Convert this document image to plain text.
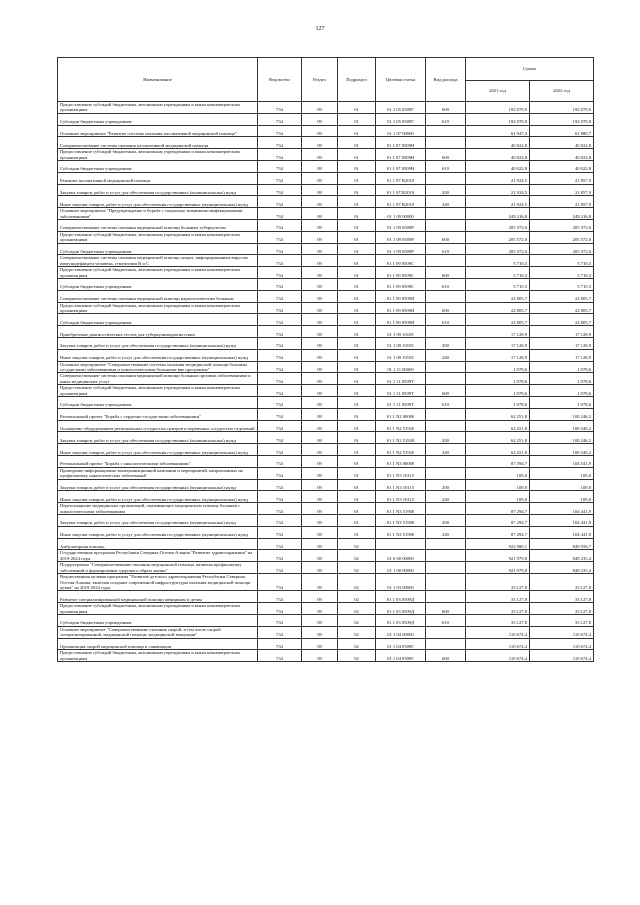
127
Наименование	Ведомство	Раздел	Подраздел	Целевая статья	Вид расхода	Сумма	
						2021 год	2022 год
Предоставление субсидий бюджетным, автономным учреждениям и иным некоммерческим организациям	734	09	01	01 1 05 0509Г	600	192 070,0	192 070,0
Субсидии бюджетным учреждениям	734	09	01	01 1 05 0509Г	610	192 070,0	192 070,0
Основное мероприятие "Развитие системы оказания паллиативной медицинской помощи"	734	09	01	01 1 07 00000		61 947,3	61 880,7
Совершенствование системы оказания паллиативной медицинской помощи	734	09	01	01 1 07 0509Н		40 022,8	40 022,8
Предоставление субсидий бюджетным, автономным учреждениям и иным некоммерческим организациям	734	09	01	01 1 07 0509Н	600	40 022,8	40 022,8
Субсидии бюджетным учреждениям	734	09	01	01 1 07 0509Н	610	40 022,8	40 022,8
Развитие паллиативной медицинской помощи	734	09	01	01 1 07 R2010		21 924,5	21 857,9
Закупка товаров, работ и услуг для обеспечения государственных (муниципальных) нужд	734	09	01	01 1 07 R2010	200	21 924,5	21 857,9
Иные закупки товаров, работ и услуг для обеспечения государственных (муниципальных) нужд	734	09	01	01 1 07 R2010	240	21 924,5	21 857,9
Основное мероприятие "Предупреждение и борьба с социально значимыми инфекционными заболеваниями"	734	09	01	01 1 09 00000		249 216,8	249 216,8
Совершенствование системы оказания медицинской помощи больным туберкулезом	734	09	01	01 1 09 0509Р		205 572,0	205 572,0
Предоставление субсидий бюджетным, автономным учреждениям и иным некоммерческим организациям	734	09	01	01 1 09 0509Р	600	205 572,0	205 572,0
Субсидии бюджетным учреждениям	734	09	01	01 1 09 0509Р	610	205 572,0	205 572,0
Совершенствование системы оказания медицинской помощи лицам, инфицированным вирусом иммунодефицита человека, гепатитами В и С	734	09	01	01 1 09 0509С		3 710,3	3 710,3
Предоставление субсидий бюджетным, автономным учреждениям и иным некоммерческим организациям	734	09	01	01 1 09 0509С	600	3 710,3	3 710,3
Субсидии бюджетным учреждениям	734	09	01	01 1 09 0509С	610	3 710,3	3 710,3
Совершенствование системы оказания медицинской помощи наркологическим больным	734	09	01	01 1 09 0509Я		22 805,7	22 805,7
Предоставление субсидий бюджетным, автономным учреждениям и иным некоммерческим организациям	734	09	01	01 1 09 0509Я	600	22 805,7	22 805,7
Субсидии бюджетным учреждениям	734	09	01	01 1 09 0509Я	610	22 805,7	22 805,7
Приобретение диагностических тестов для туберкулинодиагностики	734	09	01	01 1 09 10105		17 128,9	17 128,9
Закупка товаров, работ и услуг для обеспечения государственных (муниципальных) нужд	734	09	01	01 1 09 10105	200	17 128,9	17 128,9
Иные закупки товаров, работ и услуг для обеспечения государственных (муниципальных) нужд	734	09	01	01 1 09 10105	240	17 128,9	17 128,9
Основное мероприятие "Совершенствование системы оказания медицинской помощи больным сосудистыми заболеваниями и онкологическими больными вне программы"	734	09	01	01 1 11 00000		1 078,6	1 078,6
Совершенствование системы оказания медицинской помощи больным прочими заболеваниями и иных медицинских услуг	734	09	01	01 1 11 0509Т		1 078,6	1 078,6
Предоставление субсидий бюджетным, автономным учреждениям и иным некоммерческим организациям	734	09	01	01 1 11 0509Т	600	1 078,6	1 078,6
Субсидии бюджетным учреждениям	734	09	01	01 1 11 0509Т	610	1 078,6	1 078,6
Региональный проект "Борьба с сердечно-сосудистыми заболеваниями"	734	09	01	01 1 N2 00000		62 251,8	100 246,2
Оснащение оборудованием региональных сосудистых центров и первичных сосудистых отделений	734	09	01	01 1 N2 51920		62 251,8	100 246,2
Закупка товаров, работ и услуг для обеспечения государственных (муниципальных) нужд	734	09	01	01 1 N2 51920	200	62 251,8	100 246,2
Иные закупки товаров, работ и услуг для обеспечения государственных (муниципальных) нужд	734	09	01	01 1 N2 51920	240	62 251,8	100 246,2
Региональный проект "Борьба с онкологическими заболеваниями"	734	09	01	01 1 N3 00000		87 394,7	104 541,9
Проведение информационно-коммуникационной кампании и мероприятий, направленных на профилактику онкологических заболеваний	734	09	01	01 1 N3 10115		100,0	100,0
Закупка товаров, работ и услуг для обеспечения государственных (муниципальных) нужд	734	09	01	01 1 N3 10115	200	100,0	100,0
Иные закупки товаров, работ и услуг для обеспечения государственных (муниципальных) нужд	734	09	01	01 1 N3 10115	240	100,0	100,0
Переоснащение медицинских организаций, оказывающих медицинскую помощь больным с онкологическими заболеваниями	734	09	01	01 1 N3 51900		87 294,7	104 441,9
Закупка товаров, работ и услуг для обеспечения государственных (муниципальных) нужд	734	09	01	01 1 N3 51900	200	87 294,7	104 441,9
Иные закупки товаров, работ и услуг для обеспечения государственных (муниципальных) нужд	734	09	01	01 1 N3 51900	240	87 294,7	104 441,9
Амбулаторная помощь	734	09	02			922 980,1	849 558,7
Государственная программа Республики Северная Осетия-Алания "Развитие здравоохранения" на 2019-2024 годы	734	09	02	01 0 00 00000		921 979,8	849 235,4
Подпрограмма "Совершенствование оказания медицинской помощи, включая профилактику заболеваний и формирование здорового образа жизни"	734	09	02	01 1 00 00000		921 979,8	849 235,4
Ведомственная целевая программа "Развитие детского здравоохранения Республики Северная Осетия-Алания, включая создание современной инфраструктуры оказания медицинской помощи детям" на 2019-2024 годы	734	09	02	01 1 03 00000		33 127,8	33 127,8
Развитие специализированной медицинской помощи женщинам и детям	734	09	02	01 1 03 0509Д		33 127,8	33 127,8
Предоставление субсидий бюджетным, автономным учреждениям и иным некоммерческим организациям	734	09	02	01 1 03 0509Д	600	33 127,8	33 127,8
Субсидии бюджетным учреждениям	734	09	02	01 1 03 0509Д	610	33 127,8	33 127,8
Основное мероприятие "Совершенствование оказания скорой, в том числе скорой специализированной, медицинской помощи, медицинской эвакуации"	734	09	02	01 1 04 00000		110 674,4	110 674,4
Организация скорой медицинской помощи и санавиации	734	09	02	01 1 04 0509Г		110 674,4	110 674,4
Предоставление субсидий бюджетным, автономным учреждениям и иным некоммерческим организациям	734	09	02	01 1 04 0509Г	600	110 674,4	110 674,4
